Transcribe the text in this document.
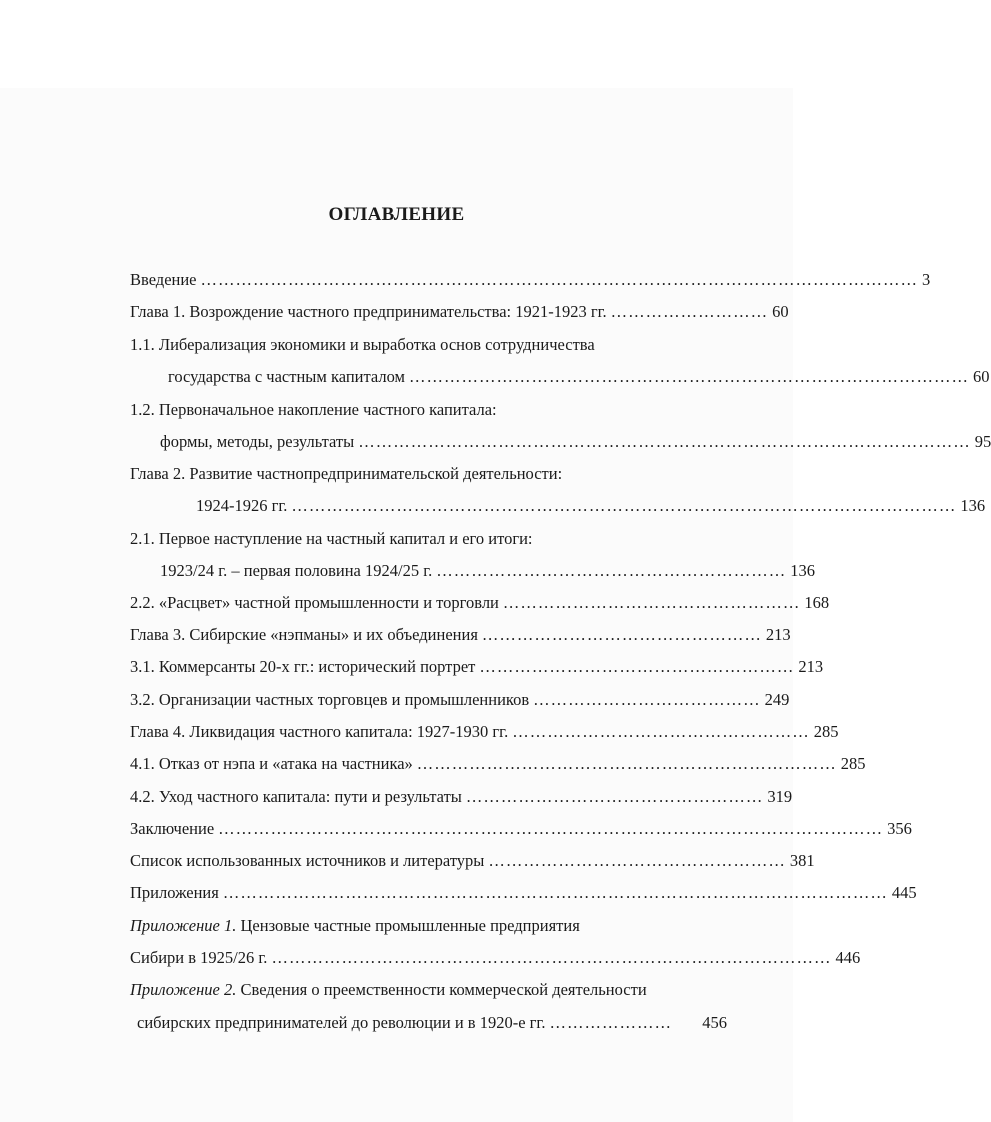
ОГЛАВЛЕНИЕ
Введение …………………………………………………………………………………………………………… 3
Глава 1. Возрождение частного предпринимательства: 1921-1923 гг. ……………………… 60
1.1. Либерализация экономики и выработка основ сотрудничества
государства с частным капиталом …………………………………………………………………………………… 60
1.2. Первоначальное накопление частного капитала:
формы, методы, результаты …………………………………………………………………………………………… 95
Глава 2. Развитие частнопредпринимательской деятельности:
1924-1926 гг. …………………………………………………………………………………………………… 136
2.1. Первое наступление на частный капитал и его итоги:
1923/24 г. – первая половина 1924/25 г. …………………………………………………… 136
2.2. «Расцвет» частной промышленности и торговли …………………………………………… 168
Глава 3. Сибирские «нэпманы» и их объединения ………………………………………… 213
3.1. Коммерсанты 20-х гг.: исторический портрет ……………………………………………… 213
3.2. Организации частных торговцев и промышленников ………………………………… 249
Глава 4. Ликвидация частного капитала: 1927-1930 гг. …………………………………………… 285
4.1. Отказ от нэпа и «атака на частника» ……………………………………………………………… 285
4.2. Уход частного капитала: пути и результаты …………………………………………… 319
Заключение …………………………………………………………………………………………………… 356
Список использованных источников и литературы …………………………………………… 381
Приложения …………………………………………………………………………………………………… 445
Приложение 1. Цензовые частные промышленные предприятия
Сибири в 1925/26 г. …………………………………………………………………………………… 446
Приложение 2. Сведения о преемственности коммерческой деятельности
сибирских предпринимателей до революции и в 1920-е гг. …………………	456
